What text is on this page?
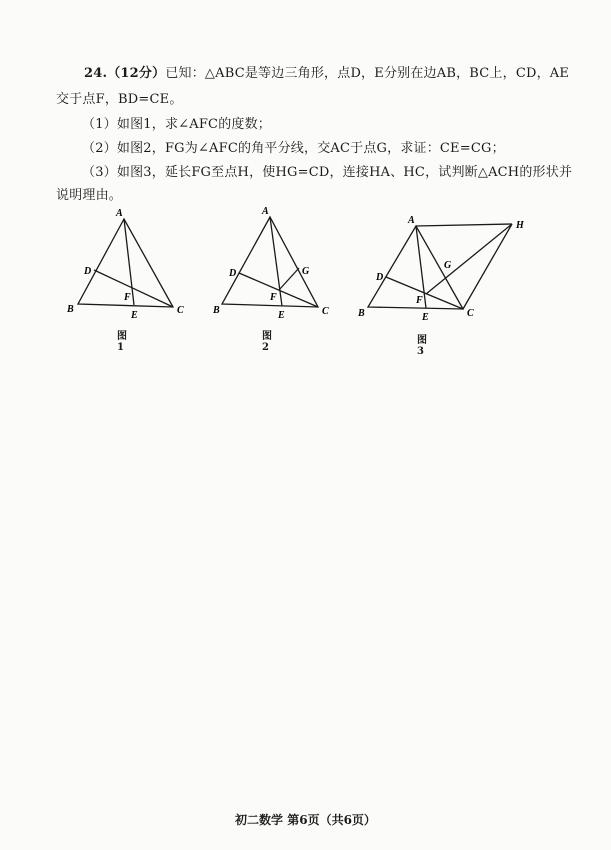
24.（12分）已知：△ABC是等边三角形，点D，E分别在边AB，BC上，CD，AE
交于点F，BD=CE。
（1）如图1，求∠AFC的度数；
（2）如图2，FG为∠AFC的角平分线，交AC于点G，求证：CE=CG；
（3）如图3，延长FG至点H，使HG=CD，连接HA、HC，试判断△ACH的形状并
说明理由。
A
B	C
D
E
F
图1
A
B	C
D
E
F
G
图2
A
B	C
D
E
F
G
H
图3
初二数学 第6页（共6页）
